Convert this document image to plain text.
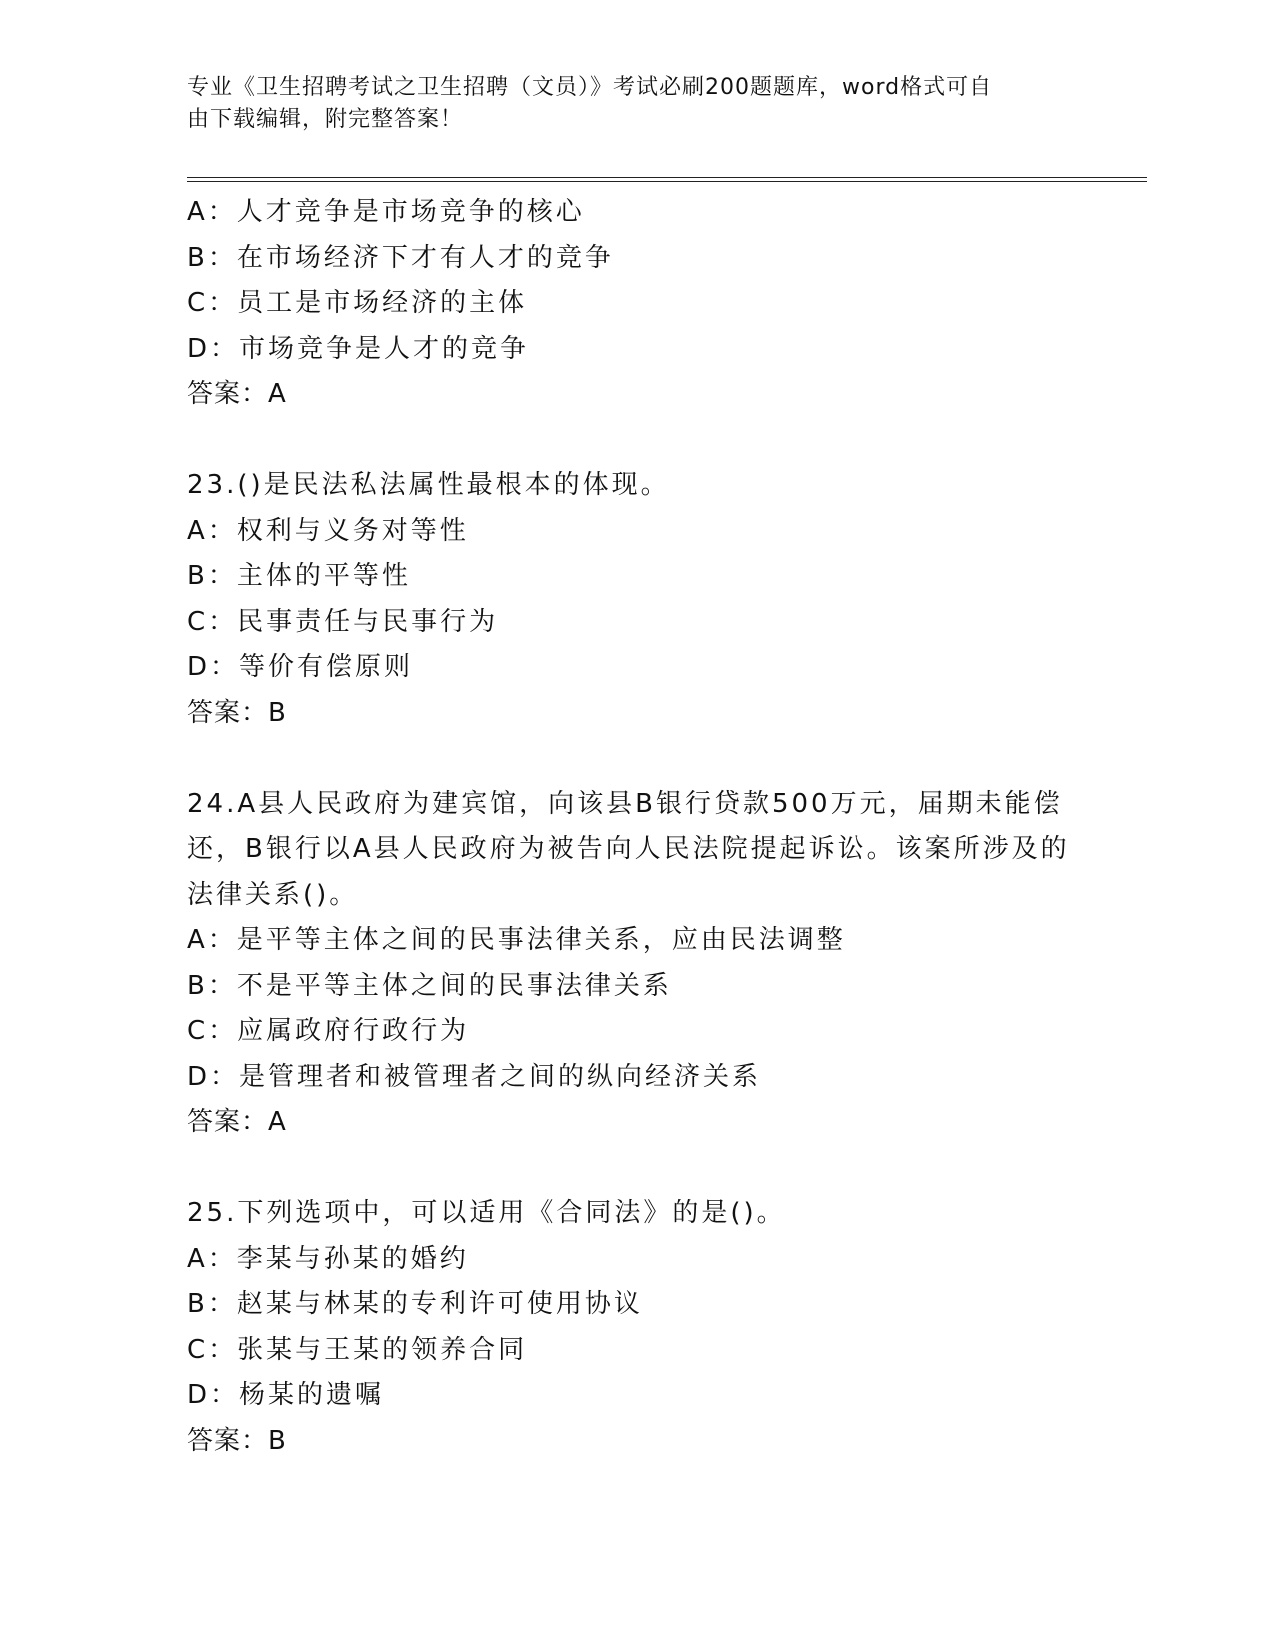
专业《卫生招聘考试之卫生招聘（文员）》考试必刷200题题库，word格式可自
由下载编辑，附完整答案！
A：人才竞争是市场竞争的核心
B：在市场经济下才有人才的竞争
C：员工是市场经济的主体
D：市场竞争是人才的竞争
答案：A
23.()是民法私法属性最根本的体现。
A：权利与义务对等性
B：主体的平等性
C：民事责任与民事行为
D：等价有偿原则
答案：B
24.A县人民政府为建宾馆，向该县B银行贷款500万元，届期未能偿
还，B银行以A县人民政府为被告向人民法院提起诉讼。该案所涉及的
法律关系()。
A：是平等主体之间的民事法律关系，应由民法调整
B：不是平等主体之间的民事法律关系
C：应属政府行政行为
D：是管理者和被管理者之间的纵向经济关系
答案：A
25.下列选项中，可以适用《合同法》的是()。
A：李某与孙某的婚约
B：赵某与林某的专利许可使用协议
C：张某与王某的领养合同
D：杨某的遗嘱
答案：B
